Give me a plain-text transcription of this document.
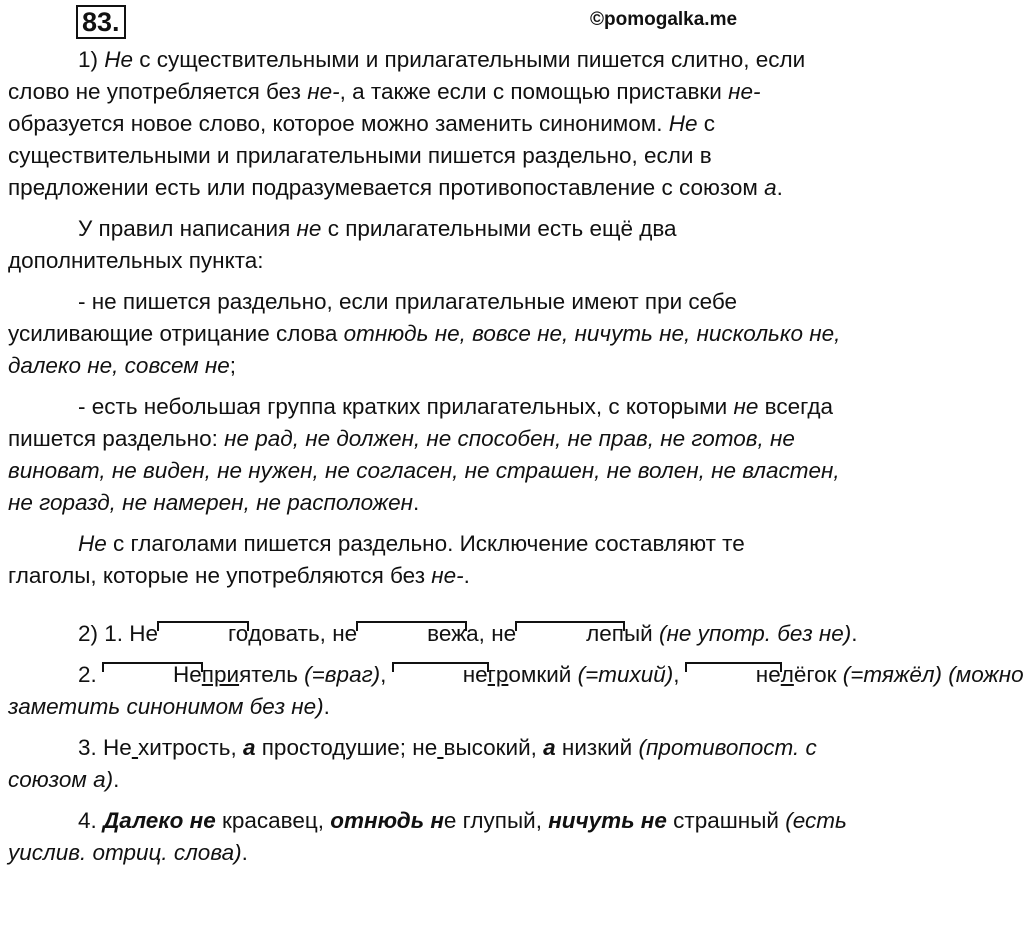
83.	©pomogalka.me

1) Не с существительными и прилагательными пишется слитно, если
слово не употребляется без не-, а также если с помощью приставки не-
образуется новое слово, которое можно заменить синонимом. Не с
существительными и прилагательными пишется раздельно, если в
предложении есть или подразумевается противопоставление с союзом а.

У правил написания не с прилагательными есть ещё два
дополнительных пункта:

- не пишется раздельно, если прилагательные имеют при себе
усиливающие отрицание слова отнюдь не, вовсе не, ничуть не, нисколько не,
далеко не, совсем не;

- есть небольшая группа кратких прилагательных, с которыми не всегда
пишется раздельно: не рад, не должен, не способен, не прав, не готов, не
виноват, не виден, не нужен, не согласен, не страшен, не волен, не властен,
не горазд, не намерен, не расположен.

Не с глаголами пишется раздельно. Исключение составляют те
глаголы, которые не употребляются без не-.

2) 1. Не	годовать, не	вежа, не	лепый (не употр. без не).

2.	Неприятель (=враг),	негромкий (=тихий),	нелёгок (=тяжёл) (можно
заметить синонимом без не).

3. Не хитрость, а простодушие; не высокий, а низкий (противопост. с
союзом а).

4. Далеко не красавец, отнюдь не глупый, ничуть не страшный (есть
уислив. отриц. слова).
